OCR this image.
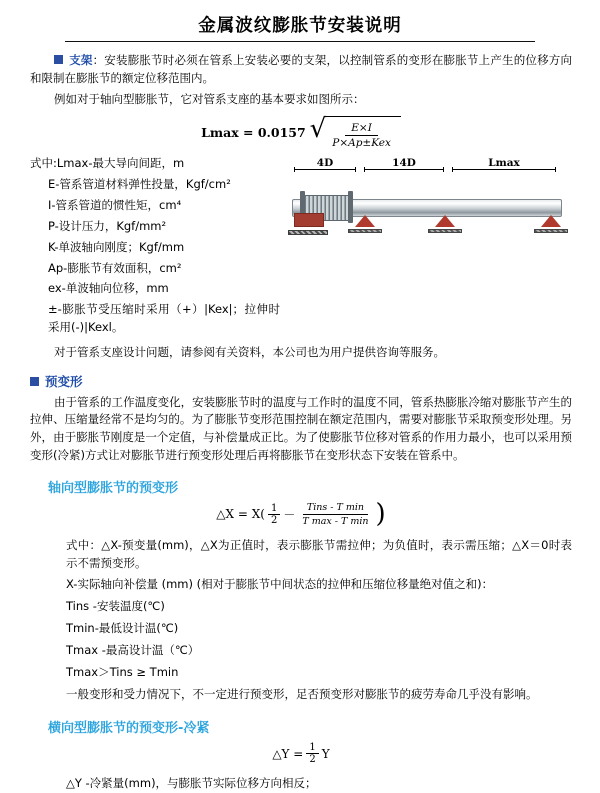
金属波纹膨胀节安装说明

支架：安装膨胀节时必须在管系上安装必要的支架，以控制管系的变形在膨胀节上产生的位移方向和限制在膨胀节的额定位移范围内。

例如对于轴向型膨胀节，它对管系支座的基本要求如图所示：

Lmax = 0.0157 √ $\frac{E\times I}{\text{P×Ap±Kex}}$

式中:Lmax-最大导向间距，m

E-管系管道材料弹性投量，Kgf/cm²

I-管系管道的惯性矩，cm⁴

P-设计压力，Kgf/mm²

K-单波轴向刚度；Kgf/mm

Ap-膨胀节有效面积，cm²

ex-单波轴向位移，mm

±-膨胀节受压缩时采用（+）|Kex|；拉伸时采用(-)|Kexl。

4D	14D	Lmax

对于管系支座设计问题，请参阅有关资料，本公司也为用户提供咨询等服务。

预变形

由于管系的工作温度变化，安装膨胀节时的温度与工作时的温度不同，管系热膨胀冷缩对膨胀节产生的拉伸、压缩量经常不是均匀的。为了膨胀节变形范围控制在额定范围内，需要对膨胀节采取预变形处理。另外，由于膨胀节刚度是一个定值，与补偿量成正比。为了使膨胀节位移对管系的作用力最小，也可以采用预变形(冷紧)方式让对膨胀节进行预变形处理后再将膨胀节在变形状态下安装在管系中。

轴向型膨胀节的预变形
△X = $X( \frac{1}{2} - \frac{\text{Tins - T min}}{\text{T max - T min}}$ )

式中：△X-预变量(mm)，△X为正值时，表示膨胀节需拉伸；为负值时，表示需压缩；△X＝0时表示不需预变形。

X-实际轴向补偿量 (mm) (相对于膨胀节中间状态的拉伸和压缩位移量绝对值之和)：

Tins -安装温度(℃)

Tmin-最低设计温(℃)

Tmax -最高设计温（℃）

Tmax＞Tins ≥ Tmin

一般变形和受力情况下，不一定进行预变形，足否预变形对膨胀节的疲劳寿命几乎没有影响。

横向型膨胀节的预变形-冷紧
△Y = $\frac{1}{2}$ Y

△Y -冷紧量(mm)，与膨胀节实际位移方向相反；
